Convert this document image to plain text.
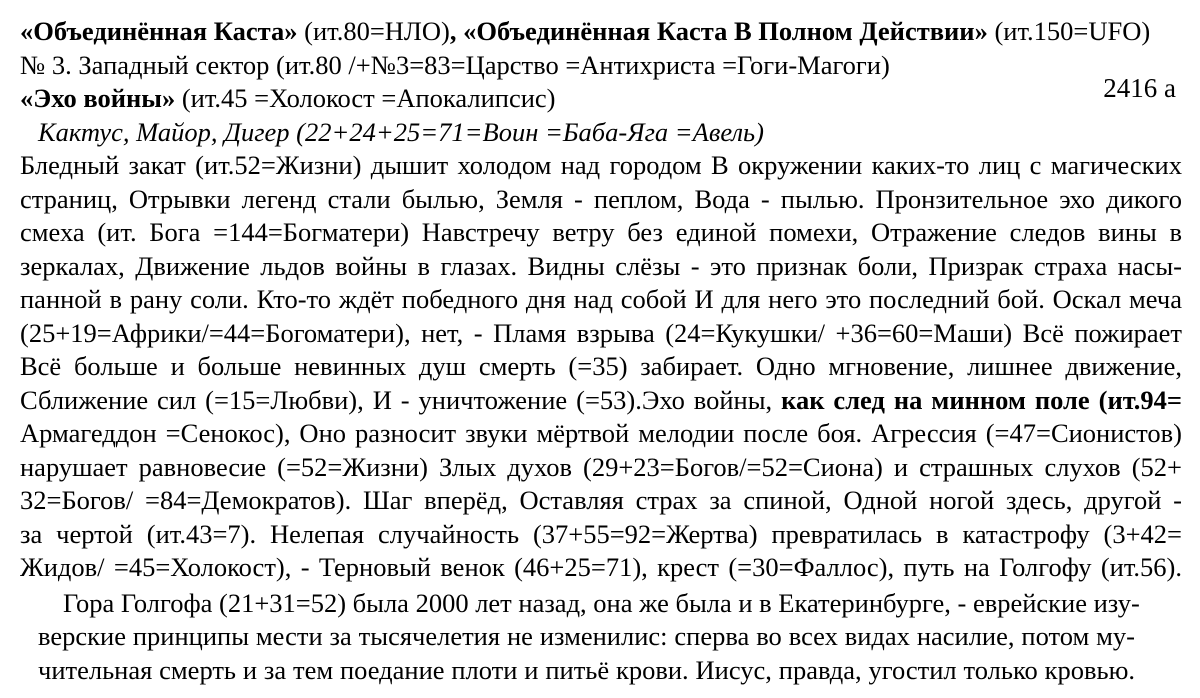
2416 а
«Объединённая Каста» (ит.80=НЛО), «Объединённая Каста В Полном Действии» (ит.150=UFO)
№ 3. Западный сектор (ит.80 /+№3=83=Царство =Антихриста =Гоги-Магоги)
«Эхо войны» (ит.45 =Холокост =Апокалипсис)
Кактус, Майор, Дигер (22+24+25=71=Воин =Баба-Яга =Авель)
Бледный закат (ит.52=Жизни) дышит холодом над городом В окружении каких-то лиц с магических
страниц, Отрывки легенд стали былью, Земля - пеплом, Вода - пылью. Пронзительное эхо дикого
смеха (ит. Бога =144=Богматери) Навстречу ветру без единой помехи, Отражение следов вины в
зеркалах, Движение льдов войны в глазах. Видны слёзы - это признак боли, Призрак страха насы-
панной в рану соли. Кто-то ждёт победного дня над собой И для него это последний бой. Оскал меча
(25+19=Африки/=44=Богоматери), нет, - Пламя взрыва (24=Кукушки/ +36=60=Маши) Всё пожирает
Всё больше и больше невинных душ смерть (=35) забирает. Одно мгновение, лишнее движение,
Сближение сил (=15=Любви), И - уничтожение (=53).Эхо войны, как след на минном поле (ит.94=
Армагеддон =Сенокос), Оно разносит звуки мёртвой мелодии после боя. Агрессия (=47=Сионистов)
нарушает равновесие (=52=Жизни) Злых духов (29+23=Богов/=52=Сиона) и страшных слухов (52+
32=Богов/ =84=Демократов). Шаг вперёд, Оставляя страх за спиной, Одной ногой здесь, другой -
за чертой (ит.43=7). Нелепая случайность (37+55=92=Жертва) превратилась в катастрофу (3+42=
Жидов/ =45=Холокост), - Терновый венок (46+25=71), крест (=30=Фаллос), путь на Голгофу (ит.56).
Гора Голгофа (21+31=52) была 2000 лет назад, она же была и в Екатеринбурге, - еврейские изу-
верские принципы мести за тысячелетия не изменилис: сперва во всех видах насилие, потом му-
чительная смерть и за тем поедание плоти и питьё крови. Иисус, правда, угостил только кровью.
